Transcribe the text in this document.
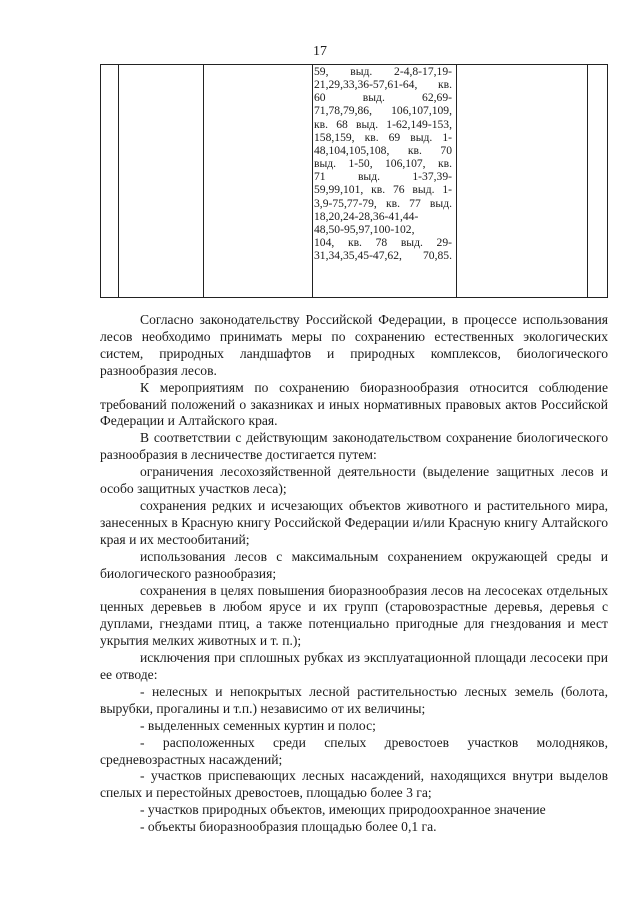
17
59, выд. 2-4,8-17,19-
21,29,33,36-57,61-64, кв.
60 выд. 62,69-
71,78,79,86, 106,107,109,
кв. 68 выд. 1-62,149-153,
158,159, кв. 69 выд. 1-
48,104,105,108, кв. 70
выд. 1-50, 106,107, кв.
71 выд. 1-37,39-
59,99,101, кв. 76 выд. 1-
3,9-75,77-79, кв. 77 выд.
18,20,24-28,36-41,44-
48,50-95,97,100-102,
104, кв. 78 выд. 29-
31,34,35,45-47,62, 70,85.

Согласно законодательству Российской Федерации, в процессе использования лесов необходимо принимать меры по сохранению естественных экологических систем, природных ландшафтов и природных комплексов, биологического разнообразия лесов.

К мероприятиям по сохранению биоразнообразия относится соблюдение требований положений о заказниках и иных нормативных правовых актов Российской Федерации и Алтайского края.

В соответствии с действующим законодательством сохранение биологического разнообразия в лесничестве достигается путем:

ограничения лесохозяйственной деятельности (выделение защитных лесов и особо защитных участков леса);

сохранения редких и исчезающих объектов животного и растительного мира, занесенных в Красную книгу Российской Федерации и/или Красную книгу Алтайского края и их местообитаний;

использования лесов с максимальным сохранением окружающей среды и биологического разнообразия;

сохранения в целях повышения биоразнообразия лесов на лесосеках отдельных ценных деревьев в любом ярусе и их групп (старовозрастные деревья, деревья с дуплами, гнездами птиц, а также потенциально пригодные для гнездования и мест укрытия мелких животных и т. п.);

исключения при сплошных рубках из эксплуатационной площади лесосеки при ее отводе:

- нелесных и непокрытых лесной растительностью лесных земель (болота, вырубки, прогалины и т.п.) независимо от их величины;

- выделенных семенных куртин и полос;

- расположенных среди спелых древостоев участков молодняков, средневозрастных насаждений;

- участков приспевающих лесных насаждений, находящихся внутри выделов спелых и перестойных древостоев, площадью более 3 га;

- участков природных объектов, имеющих природоохранное значение

- объекты биоразнообразия площадью более 0,1 га.
